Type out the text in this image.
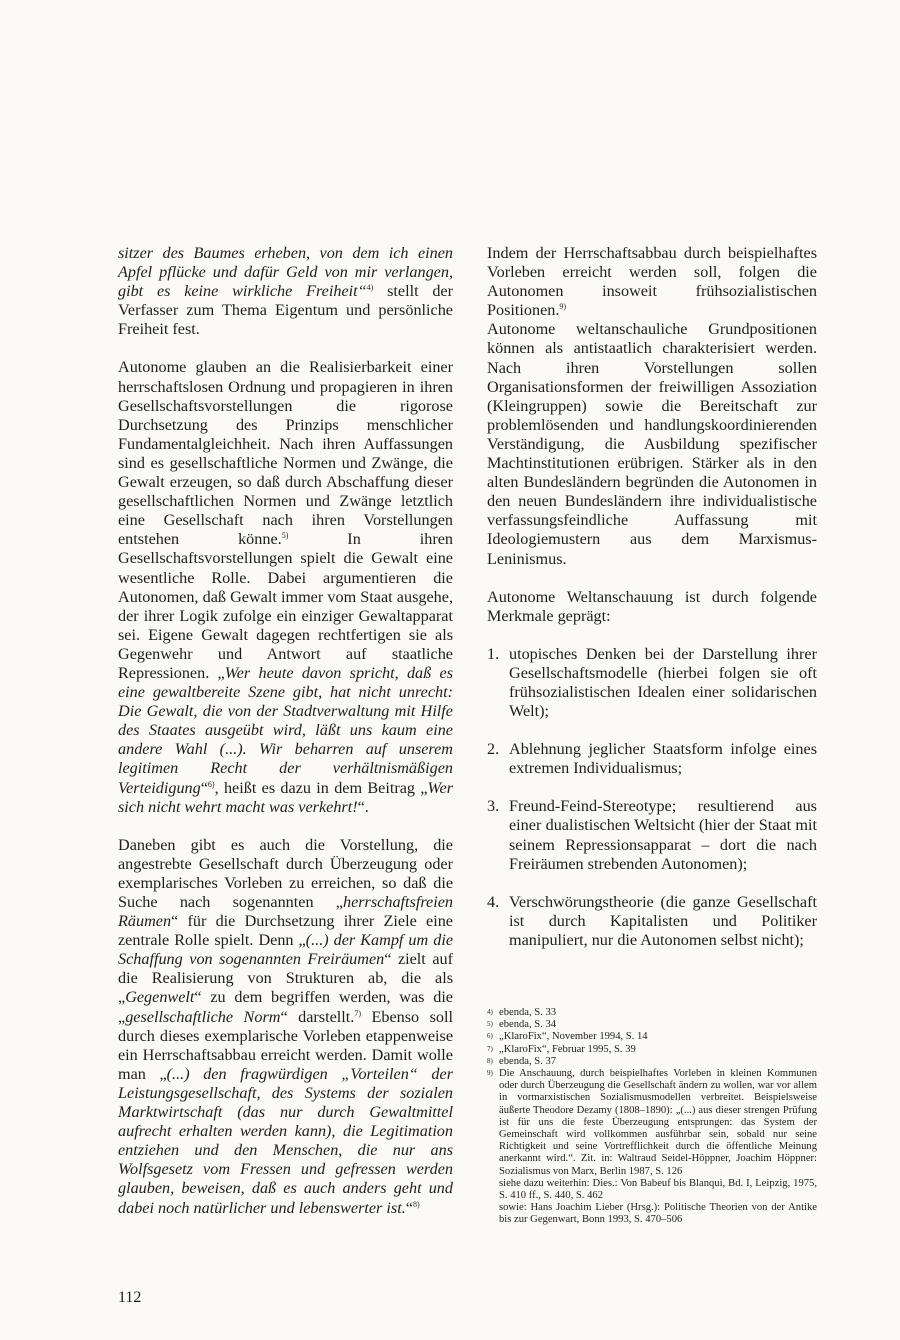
sitzer des Baumes erheben, von dem ich einen Apfel pflücke und dafür Geld von mir verlangen, gibt es keine wirkliche Freiheit“$^{4)}$ stellt der Verfasser zum Thema Eigentum und persönliche Freiheit fest.

Autonome glauben an die Realisierbarkeit einer herrschaftslosen Ordnung und propagieren in ihren Gesellschaftsvorstellungen die rigorose Durchsetzung des Prinzips menschlicher Fundamentalgleichheit. Nach ihren Auffassungen sind es gesellschaftliche Normen und Zwänge, die Gewalt erzeugen, so daß durch Abschaffung dieser gesellschaftlichen Normen und Zwänge letztlich eine Gesellschaft nach ihren Vorstellungen entstehen könne.$^{5)}$ In ihren Gesellschaftsvorstellungen spielt die Gewalt eine wesentliche Rolle. Dabei argumentieren die Autonomen, daß Gewalt immer vom Staat ausgehe, der ihrer Logik zufolge ein einziger Gewaltapparat sei. Eigene Gewalt dagegen rechtfertigen sie als Gegenwehr und Antwort auf staatliche Repressionen. „Wer heute davon spricht, daß es eine gewaltbereite Szene gibt, hat nicht unrecht: Die Gewalt, die von der Stadtverwaltung mit Hilfe des Staates ausgeübt wird, läßt uns kaum eine andere Wahl (...). Wir beharren auf unserem legitimen Recht der verhältnismäßigen Verteidigung“$^{6)}$, heißt es dazu in dem Beitrag „Wer sich nicht wehrt macht was verkehrt!“.

Daneben gibt es auch die Vorstellung, die angestrebte Gesellschaft durch Überzeugung oder exemplarisches Vorleben zu erreichen, so daß die Suche nach sogenannten „herrschaftsfreien Räumen“ für die Durchsetzung ihrer Ziele eine zentrale Rolle spielt. Denn „(...) der Kampf um die Schaffung von sogenannten Freiräumen“ zielt auf die Realisierung von Strukturen ab, die als „Gegenwelt“ zu dem begriffen werden, was die „gesellschaftliche Norm“ darstellt.$^{7)}$ Ebenso soll durch dieses exemplarische Vorleben etappenweise ein Herrschaftsabbau erreicht werden. Damit wolle man „(...) den fragwürdigen „Vorteilen“ der Leistungsgesellschaft, des Systems der sozialen Marktwirtschaft (das nur durch Gewaltmittel aufrecht erhalten werden kann), die Legitimation entziehen und den Menschen, die nur ans Wolfsgesetz vom Fressen und gefressen werden glauben, beweisen, daß es auch anders geht und dabei noch natürlicher und lebenswerter ist.“$^{8)}$

Indem der Herrschaftsabbau durch beispielhaftes Vorleben erreicht werden soll, folgen die Autonomen insoweit frühsozialistischen Positionen.$^{9)}$

Autonome weltanschauliche Grundpositionen können als antistaatlich charakterisiert werden. Nach ihren Vorstellungen sollen Organisationsformen der freiwilligen Assoziation (Kleingruppen) sowie die Bereitschaft zur problemlösenden und handlungskoordinierenden Verständigung, die Ausbildung spezifischer Machtinstitutionen erübrigen. Stärker als in den alten Bundesländern begründen die Autonomen in den neuen Bundesländern ihre individualistische verfassungsfeindliche Auffassung mit Ideologiemustern aus dem Marxismus-Leninismus.

Autonome Weltanschauung ist durch folgende Merkmale geprägt:

1. utopisches Denken bei der Darstellung ihrer Gesellschaftsmodelle (hierbei folgen sie oft frühsozialistischen Idealen einer solidarischen Welt);
2. Ablehnung jeglicher Staatsform infolge eines extremen Individualismus;
3. Freund-Feind-Stereotype; resultierend aus einer dualistischen Weltsicht (hier der Staat mit seinem Repressionsapparat – dort die nach Freiräumen strebenden Autonomen);
4. Verschwörungstheorie (die ganze Gesellschaft ist durch Kapitalisten und Politiker manipuliert, nur die Autonomen selbst nicht);
4) ebenda, S. 33
5) ebenda, S. 34
6) „KlaroFix“, November 1994, S. 14
7) „KlaroFix“, Februar 1995, S. 39
8) ebenda, S. 37
9) Die Anschauung, durch beispielhaftes Vorleben in kleinen Kommunen oder durch Überzeugung die Gesellschaft ändern zu wollen, war vor allem in vormarxistischen Sozialismusmodellen verbreitet. Beispielsweise äußerte Theodore Dezamy (1808–1890): „(...) aus dieser strengen Prüfung ist für uns die feste Überzeugung entsprungen: das System der Gemeinschaft wird vollkommen ausführbar sein, sobald nur seine Richtigkeit und seine Vortrefflichkeit durch die öffentliche Meinung anerkannt wird.“. Zit. in: Waltraud Seidel-Höppner, Joachim Höppner: Sozialismus von Marx, Berlin 1987, S. 126
siehe dazu weiterhin: Dies.: Von Babeuf bis Blanqui, Bd. I, Leipzig, 1975, S. 410 ff., S. 440, S. 462
sowie: Hans Joachim Lieber (Hrsg.): Politische Theorien von der Antike bis zur Gegenwart, Bonn 1993, S. 470–506
112
